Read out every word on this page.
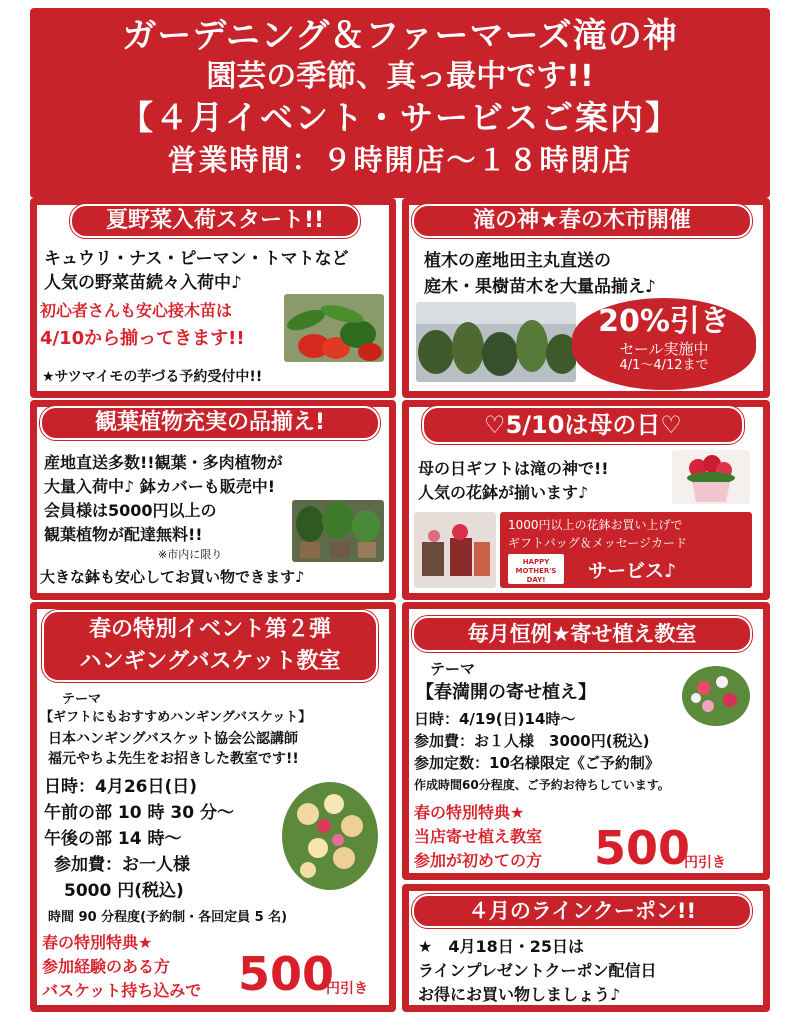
ガーデニング＆ファーマーズ滝の神
園芸の季節、真っ最中です!!
【４月イベント・サービスご案内】
営業時間：９時開店～１８時閉店
夏野菜入荷スタート!!
キュウリ・ナス・ピーマン・トマトなど
人気の野菜苗続々入荷中♪
初心者さんも安心接木苗は
4/10から揃ってきます!!
★サツマイモの芋づる予約受付中!!
滝の神★春の木市開催
植木の産地田主丸直送の
庭木・果樹苗木を大量品揃え♪
20%引き
セール実施中
4/1～4/12まで
観葉植物充実の品揃え!
産地直送多数!!観葉・多肉植物が
大量入荷中♪ 鉢カバーも販売中!
会員様は5000円以上の
観葉植物が配達無料!!
※市内に限り
大きな鉢も安心してお買い物できます♪
♡5/10は母の日♡
母の日ギフトは滝の神で!!
人気の花鉢が揃います♪
1000円以上の花鉢お買い上げで
ギフトバッグ＆メッセージカード
HAPPY MOTHER'S DAY!	サービス♪
春の特別イベント第２弾
ハンギングバスケット教室
テーマ
【ギフトにもおすすめハンギングバスケット】
日本ハンギングバスケット協会公認講師
福元やちよ先生をお招きした教室です!!
日時：4月26日(日)
午前の部 10 時 30 分～
午後の部 14 時～
参加費：お一人様
5000 円(税込)
時間 90 分程度(予約制・各回定員 5 名)
春の特別特典★
参加経験のある方
バスケット持ち込みで 500
円引き
毎月恒例★寄せ植え教室
テーマ
【春満開の寄せ植え】
日時：4/19(日)14時～
参加費：お１人様　3000円(税込)
参加定数：10名様限定《ご予約制》
作成時間60分程度、ご予約お待ちしています。
春の特別特典★
当店寄せ植え教室
参加が初めての方 500
円引き
４月のラインクーポン!!
★　4月18日・25日は
ラインプレゼントクーポン配信日
お得にお買い物しましょう♪
